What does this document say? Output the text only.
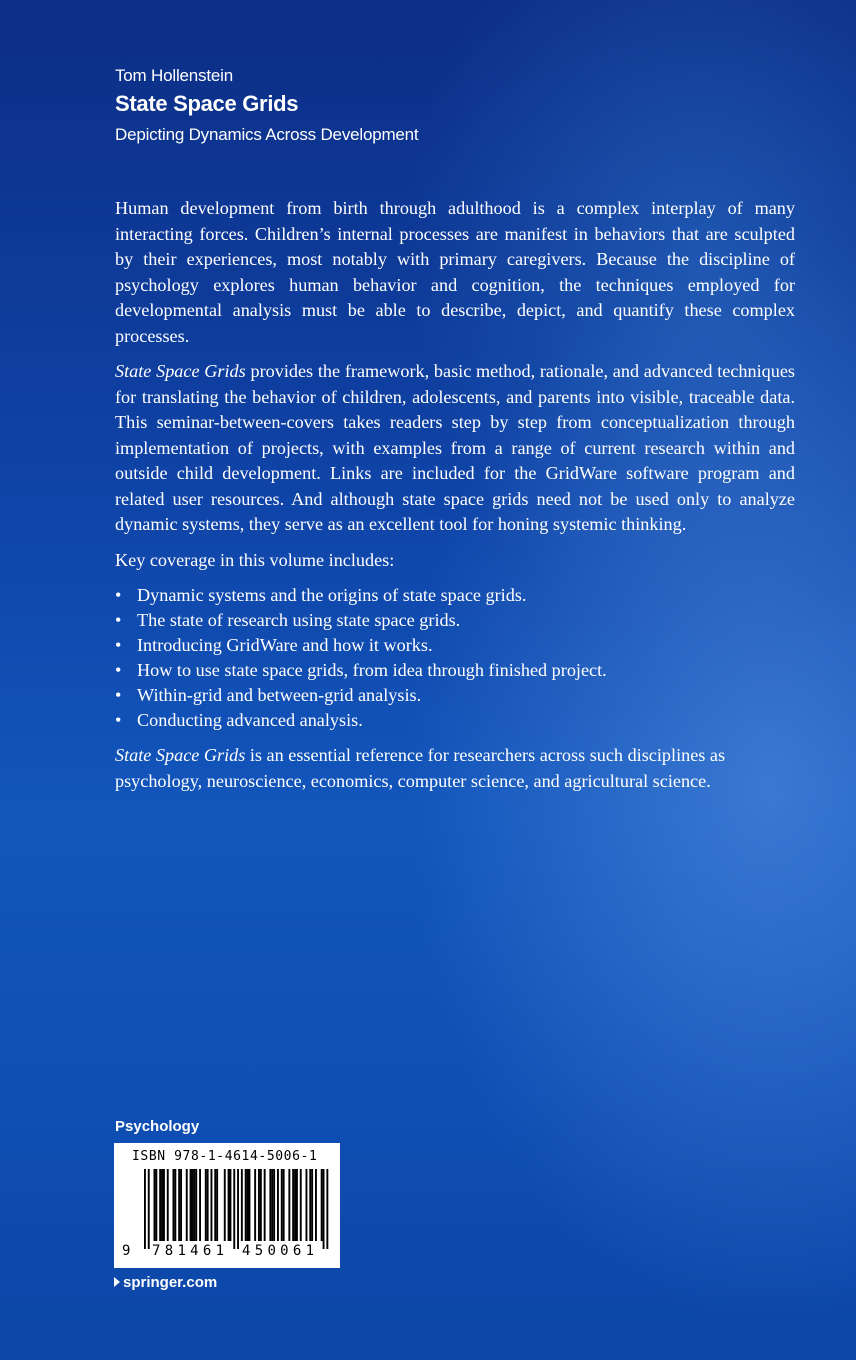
Tom Hollenstein
State Space Grids
Depicting Dynamics Across Development

Human development from birth through adulthood is a complex interplay of many interacting forces. Children’s internal processes are manifest in behaviors that are sculpted by their experiences, most notably with primary caregivers. Because the discipline of psychology explores human behavior and cognition, the techniques employed for developmental analysis must be able to describe, depict, and quantify these complex processes.

State Space Grids provides the framework, basic method, rationale, and advanced techniques for translating the behavior of children, adolescents, and parents into visible, traceable data. This seminar-between-covers takes readers step by step from conceptualization through implementation of projects, with examples from a range of current research within and outside child development. Links are included for the GridWare software program and related user resources. And although state space grids need not be used only to analyze dynamic systems, they serve as an excellent tool for honing systemic thinking.

Key coverage in this volume includes:

• Dynamic systems and the origins of state space grids.
• The state of research using state space grids.
• Introducing GridWare and how it works.
• How to use state space grids, from idea through finished project.
• Within-grid and between-grid analysis.
• Conducting advanced analysis.

State Space Grids is an essential reference for researchers across such disciplines as psychology, neuroscience, economics, computer science, and agricultural science.

Psychology
ISBN 978-1-4614-5006-1
9 781461 450061
springer.com
